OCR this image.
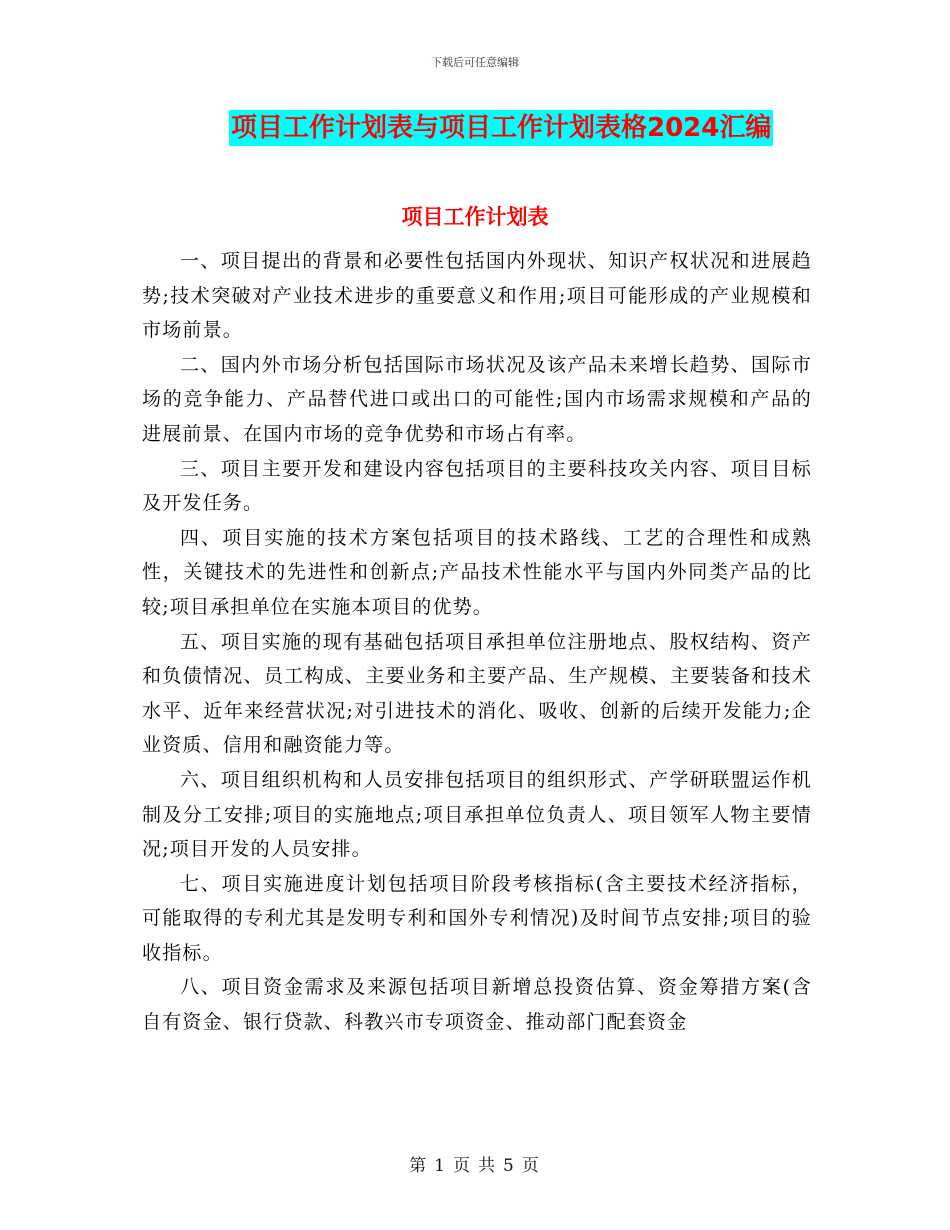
下载后可任意编辑
项目工作计划表与项目工作计划表格2024汇编
项目工作计划表

一、项目提出的背景和必要性包括国内外现状、知识产权状况和进展趋势;技术突破对产业技术进步的重要意义和作用;项目可能形成的产业规模和市场前景。

二、国内外市场分析包括国际市场状况及该产品未来增长趋势、国际市场的竞争能力、产品替代进口或出口的可能性;国内市场需求规模和产品的进展前景、在国内市场的竞争优势和市场占有率。

三、项目主要开发和建设内容包括项目的主要科技攻关内容、项目目标及开发任务。

四、项目实施的技术方案包括项目的技术路线、工艺的合理性和成熟性，关键技术的先进性和创新点;产品技术性能水平与国内外同类产品的比较;项目承担单位在实施本项目的优势。

五、项目实施的现有基础包括项目承担单位注册地点、股权结构、资产和负债情况、员工构成、主要业务和主要产品、生产规模、主要装备和技术水平、近年来经营状况;对引进技术的消化、吸收、创新的后续开发能力;企业资质、信用和融资能力等。

六、项目组织机构和人员安排包括项目的组织形式、产学研联盟运作机制及分工安排;项目的实施地点;项目承担单位负责人、项目领军人物主要情况;项目开发的人员安排。

七、项目实施进度计划包括项目阶段考核指标(含主要技术经济指标，可能取得的专利尤其是发明专利和国外专利情况)及时间节点安排;项目的验收指标。

八、项目资金需求及来源包括项目新增总投资估算、资金筹措方案(含自有资金、银行贷款、科教兴市专项资金、推动部门配套资金

第 1 页 共 5 页
